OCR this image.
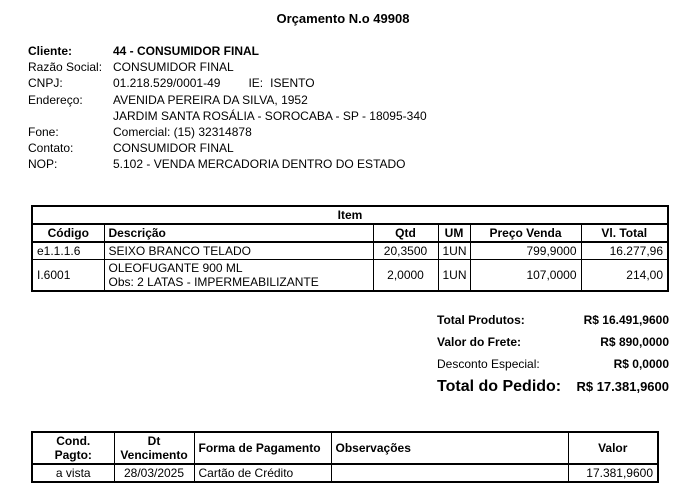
Orçamento N.o 49908
Cliente:	44 - CONSUMIDOR FINAL
Razão Social: CONSUMIDOR FINAL
CNPJ:	01.218.529/0001-49 IE: ISENTO
Endereço:	AVENIDA PEREIRA DA SILVA, 1952
JARDIM SANTA ROSÁLIA - SOROCABA - SP - 18095-340
Fone:	Comercial: (15) 32314878
Contato:	CONSUMIDOR FINAL
NOP:	5.102 - VENDA MERCADORIA DENTRO DO ESTADO
Item					
Código	Descrição	Qtd	UM	Preço Venda	Vl. Total
e1.1.1.6	SEIXO BRANCO TELADO	20,3500	1UN	799,9000	16.277,96
I.6001	OLEOFUGANTE 900 ML
Obs: 2 LATAS - IMPERMEABILIZANTE	2,0000	1UN	107,0000	214,00
Total Produtos:	R$ 16.491,9600
Valor do Frete:	R$ 890,0000
Desconto Especial:	R$ 0,0000
Total do Pedido: R$ 17.381,9600
Cond. Pagto:	Dt Vencimento	Forma de Pagamento	Observações	Valor
a vista	28/03/2025	Cartão de Crédito		17.381,9600
